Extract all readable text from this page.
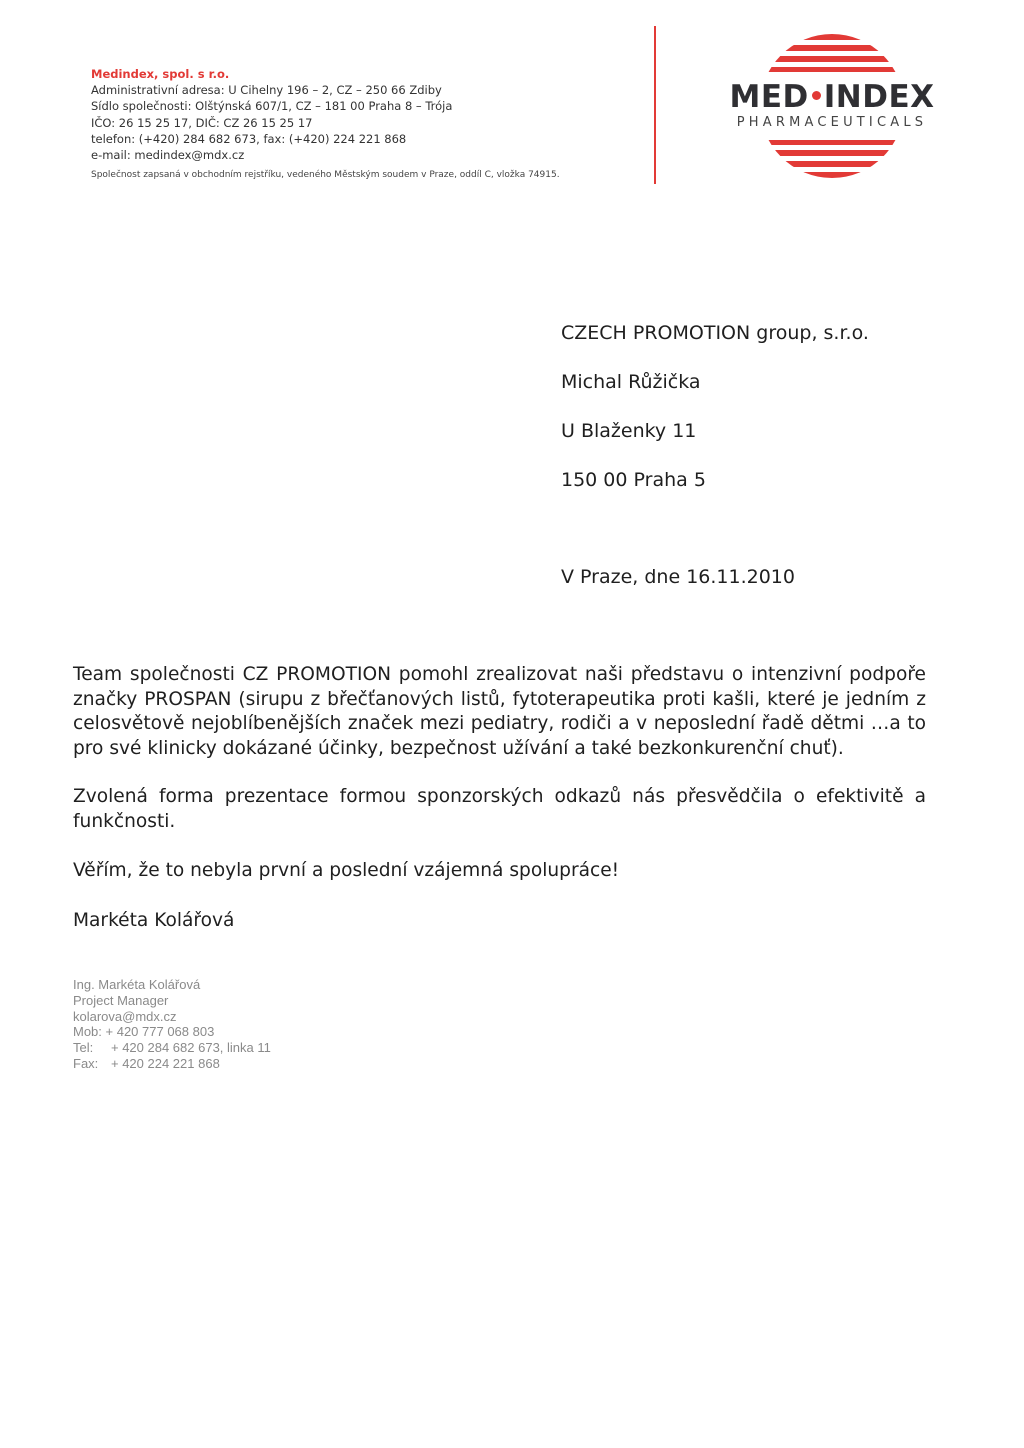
Medindex, spol. s r.o.
Administrativní adresa: U Cihelny 196 – 2, CZ – 250 66 Zdiby
Sídlo společnosti: Olštýnská 607/1, CZ – 181 00 Praha 8 – Trója
IČO: 26 15 25 17, DIČ: CZ 26 15 25 17
telefon: (+420) 284 682 673, fax: (+420) 224 221 868
e-mail: medindex@mdx.cz
Společnost zapsaná v obchodním rejstříku, vedeného Městským soudem v Praze, oddíl C, vložka 74915.
MED INDEX
PHARMACEUTICALS
CZECH PROMOTION group, s.r.o.
Michal Růžička
U Blaženky 11
150 00 Praha 5
V Praze, dne 16.11.2010

Team společnosti CZ PROMOTION pomohl zrealizovat naši představu o intenzivní podpoře značky PROSPAN (sirupu z břečťanových listů, fytoterapeutika proti kašli, které je jedním z celosvětově nejoblíbenějších značek mezi pediatry, rodiči a v neposlední řadě dětmi …a to pro své klinicky dokázané účinky, bezpečnost užívání a také bezkonkurenční chuť).

Zvolená forma prezentace formou sponzorských odkazů nás přesvědčila o efektivitě a funkčnosti.

Věřím, že to nebyla první a poslední vzájemná spolupráce!

Markéta Kolářová
Ing. Markéta Kolářová
Project Manager
kolarova@mdx.cz
Mob: + 420 777 068 803
Tel: + 420 284 682 673, linka 11
Fax: + 420 224 221 868
